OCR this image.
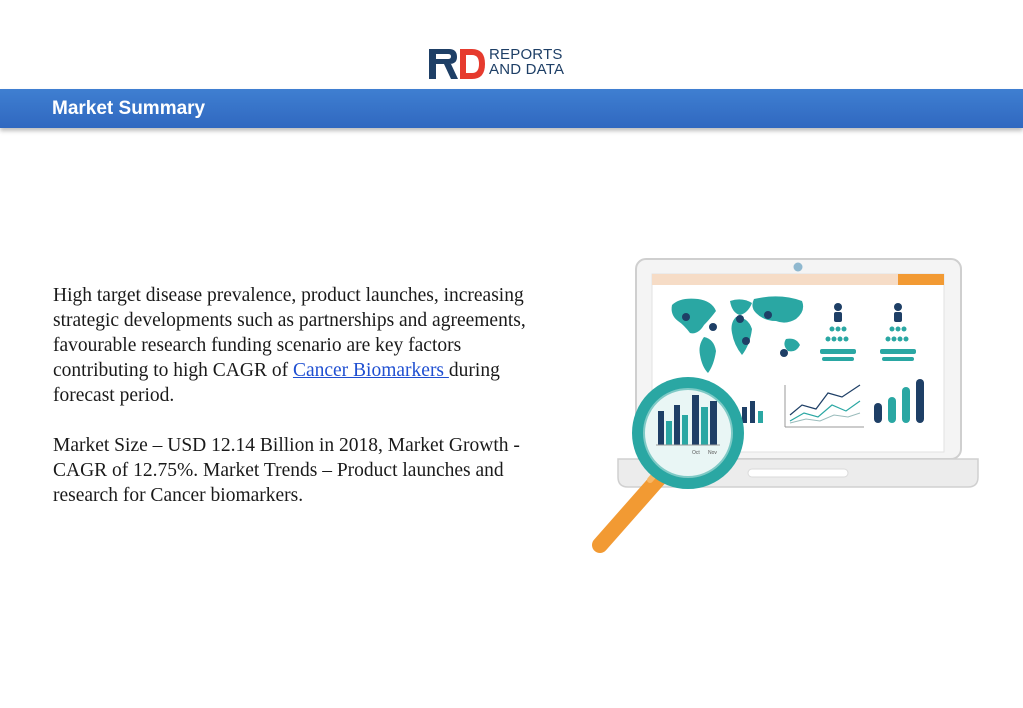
REPORTS
AND DATA
Market Summary

High target disease prevalence, product launches, increasing strategic developments such as partnerships and agreements, favourable research funding scenario are key factors contributing to high CAGR of Cancer Biomarkers during forecast period.

Market Size – USD 12.14 Billion in 2018, Market Growth - CAGR of 12.75%. Market Trends – Product launches and research for Cancer biomarkers.

Oct Nov
